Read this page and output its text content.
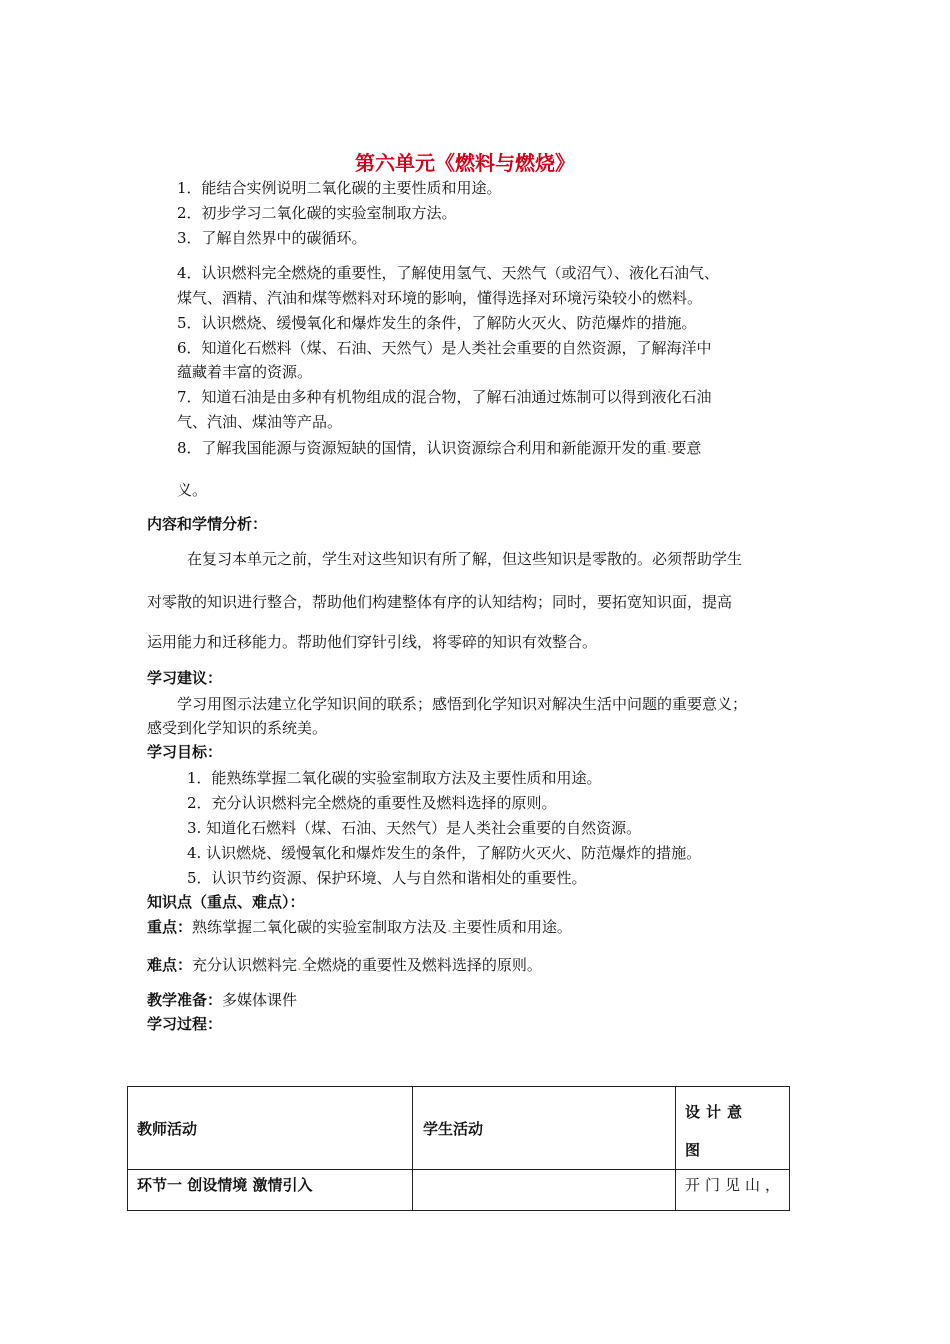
第六单元《燃料与燃烧》
1．能结合实例说明二氧化碳的主要性质和用途。
2．初步学习二氧化碳的实验室制取方法。
3．了解自然界中的碳循环。
4．认识燃料完全燃烧的重要性，了解使用氢气、天然气（或沼气）、液化石油气、
煤气、酒精、汽油和煤等燃料对环境的影响，懂得选择对环境污染较小的燃料。
5．认识燃烧、缓慢氧化和爆炸发生的条件，了解防火灭火、防范爆炸的措施。
6．知道化石燃料（煤、石油、天然气）是人类社会重要的自然资源，了解海洋中
蕴藏着丰富的资源。
7．知道石油是由多种有机物组成的混合物，了解石油通过炼制可以得到液化石油
气、汽油、煤油等产品。
8．了解我国能源与资源短缺的国情，认识资源综合利用和新能源开发的重.要意
义。
内容和学情分析：
在复习本单元之前，学生对这些知识有所了解，但这些知识是零散的。必须帮助学生
对零散的知识进行整合，帮助他们构建整体有序的认知结构；同时，要拓宽知识面，提高
运用能力和迁移能力。帮助他们穿针引线，将零碎的知识有效整合。
学习建议：
学习用图示法建立化学知识间的联系；感悟到化学知识对解决生活中问题的重要意义；
感受到化学知识的系统美。
学习目标：
1．能熟练掌握二氧化碳的实验室制取方法及主要性质和用途。
2．充分认识燃料完全燃烧的重要性及燃料选择的原则。
3. 知道化石燃料（煤、石油、天然气）是人类社会重要的自然资源。
4. 认识燃烧、缓慢氧化和爆炸发生的条件，了解防火灭火、防范爆炸的措施。
5．认识节约资源、保护环境、人与自然和谐相处的重要性。
知识点（重点、难点）：
重点：熟练掌握二氧化碳的实验室制取方法及.主要性质和用途。
难点：充分认识燃料完.全燃烧的重要性及燃料选择的原则。
教学准备：多媒体课件
学习过程：
教师活动	学生活动	设计意
图

环节一 创设情境 激情引入		开门见山，
